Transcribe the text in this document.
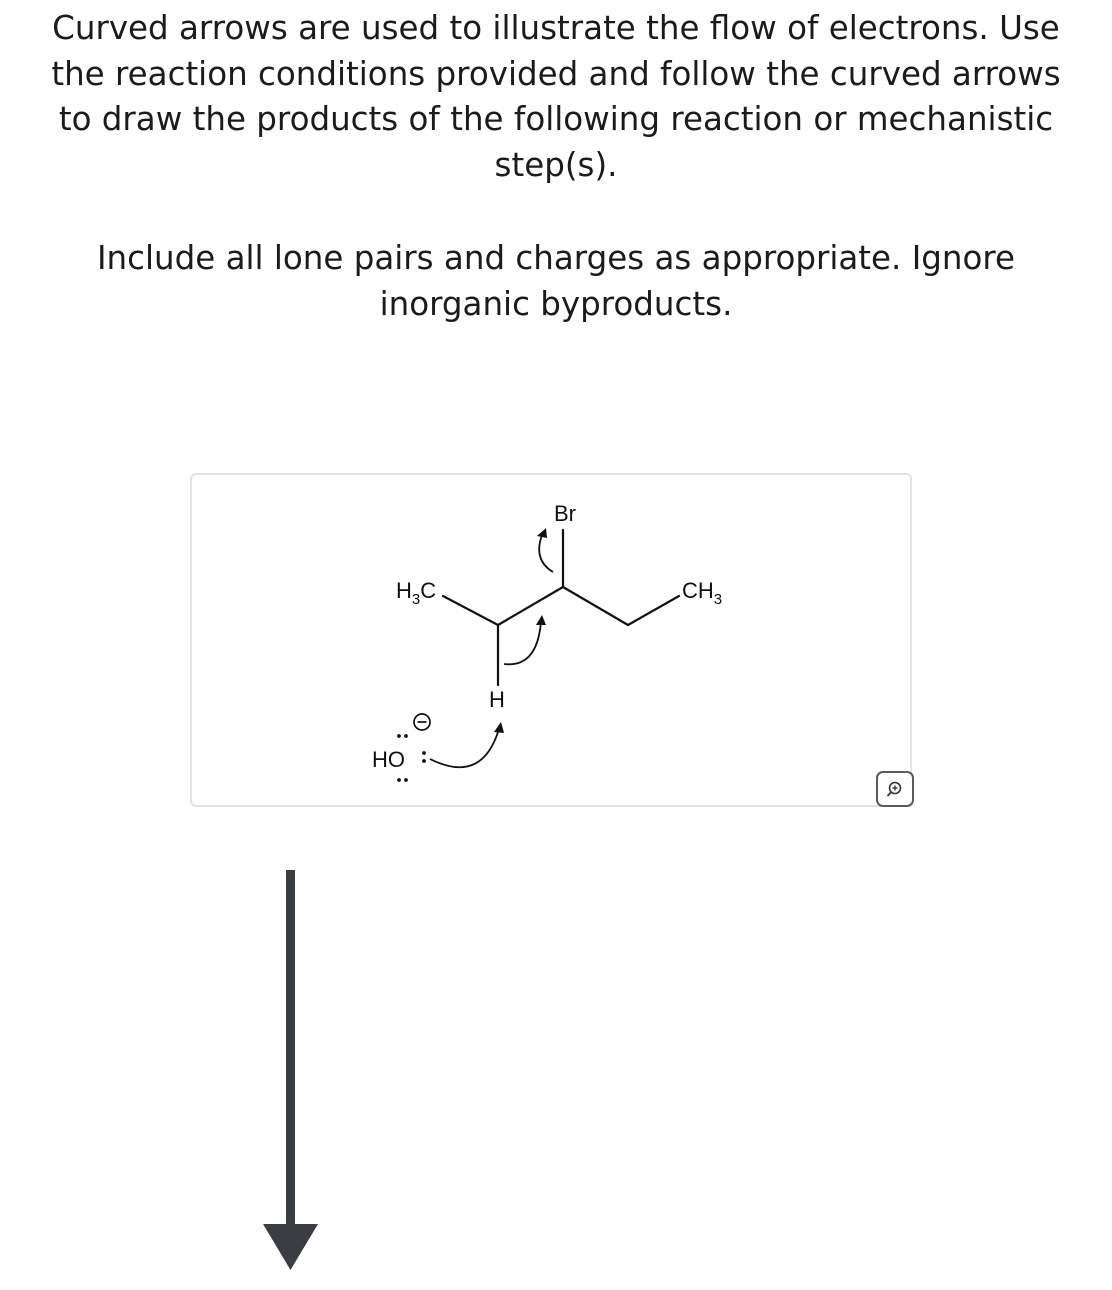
Curved arrows are used to illustrate the flow of electrons. Use the reaction conditions provided and follow the curved arrows to draw the products of the following reaction or mechanistic step(s).

Include all lone pairs and charges as appropriate. Ignore inorganic byproducts.

$H_3C$	$CH_3$
Br
H
HO
